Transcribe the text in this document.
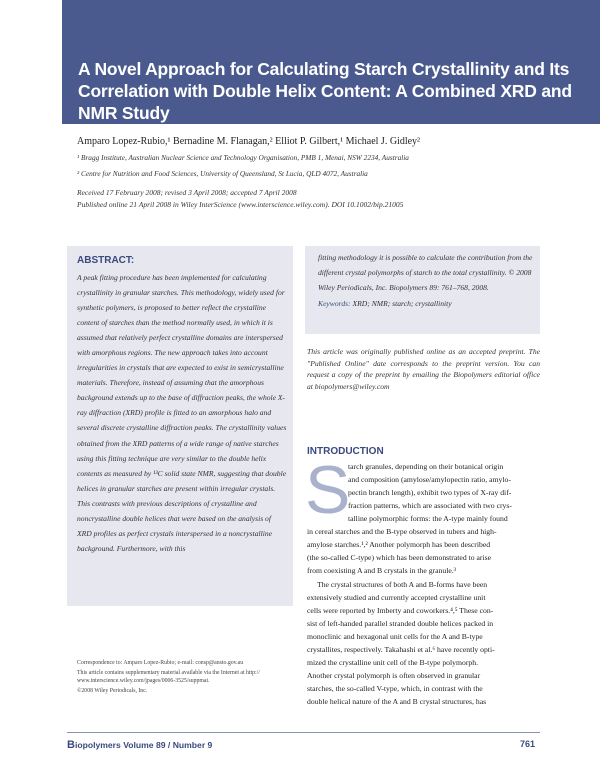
A Novel Approach for Calculating Starch Crystallinity and Its Correlation with Double Helix Content: A Combined XRD and NMR Study
Amparo Lopez-Rubio,¹ Bernadine M. Flanagan,² Elliot P. Gilbert,¹ Michael J. Gidley²
¹ Bragg Institute, Australian Nuclear Science and Technology Organisation, PMB 1, Menai, NSW 2234, Australia
² Centre for Nutrition and Food Sciences, University of Queensland, St Lucia, QLD 4072, Australia
Received 17 February 2008; revised 3 April 2008; accepted 7 April 2008
Published online 21 April 2008 in Wiley InterScience (www.interscience.wiley.com). DOI 10.1002/bip.21005
ABSTRACT:
A peak fitting procedure has been implemented for calculating crystallinity in granular starches. This methodology, widely used for synthetic polymers, is proposed to better reflect the crystalline content of starches than the method normally used, in which it is assumed that relatively perfect crystalline domains are interspersed with amorphous regions. The new approach takes into account irregularities in crystals that are expected to exist in semicrystalline materials. Therefore, instead of assuming that the amorphous background extends up to the base of diffraction peaks, the whole X-ray diffraction (XRD) profile is fitted to an amorphous halo and several discrete crystalline diffraction peaks. The crystallinity values obtained from the XRD patterns of a wide range of native starches using this fitting technique are very similar to the double helix contents as measured by ¹³C solid state NMR, suggesting that double helices in granular starches are present within irregular crystals. This contrasts with previous descriptions of crystalline and noncrystalline double helices that were based on the analysis of XRD profiles as perfect crystals interspersed in a noncrystalline background. Furthermore, with this
fitting methodology it is possible to calculate the contribution from the different crystal polymorphs of starch to the total crystallinity. © 2008 Wiley Periodicals, Inc. Biopolymers 89: 761–768, 2008.
Keywords: XRD; NMR; starch; crystallinity
This article was originally published online as an accepted preprint. The "Published Online" date corresponds to the preprint version. You can request a copy of the preprint by emailing the Biopolymers editorial office at biopolymers@wiley.com
INTRODUCTION
S
tarch granules, depending on their botanical origin
and composition (amylose/amylopectin ratio, amylo-
pectin branch length), exhibit two types of X-ray dif-
fraction patterns, which are associated with two crys-
talline polymorphic forms: the A-type mainly found
in cereal starches and the B-type observed in tubers and high-
amylose starches.¹,² Another polymorph has been described
(the so-called C-type) which has been demonstrated to arise
from coexisting A and B crystals in the granule.³
The crystal structures of both A and B-forms have been
extensively studied and currently accepted crystalline unit
cells were reported by Imberty and coworkers.⁴,⁵ These con-
sist of left-handed parallel stranded double helices packed in
monoclinic and hexagonal unit cells for the A and B-type
crystallites, respectively. Takahashi et al.⁶ have recently opti-
mized the crystalline unit cell of the B-type polymorph.
Another crystal polymorph is often observed in granular
starches, the so-called V-type, which, in contrast with the
double helical nature of the A and B crystal structures, has
Correspondence to: Amparo Lopez-Rubio; e-mail: consp@ansto.gov.au
This article contains supplementary material available via the Internet at http://
www.interscience.wiley.com/jpages/0006-3525/suppmat.
©2008 Wiley Periodicals, Inc.
Biopolymers Volume 89 / Number 9	761
